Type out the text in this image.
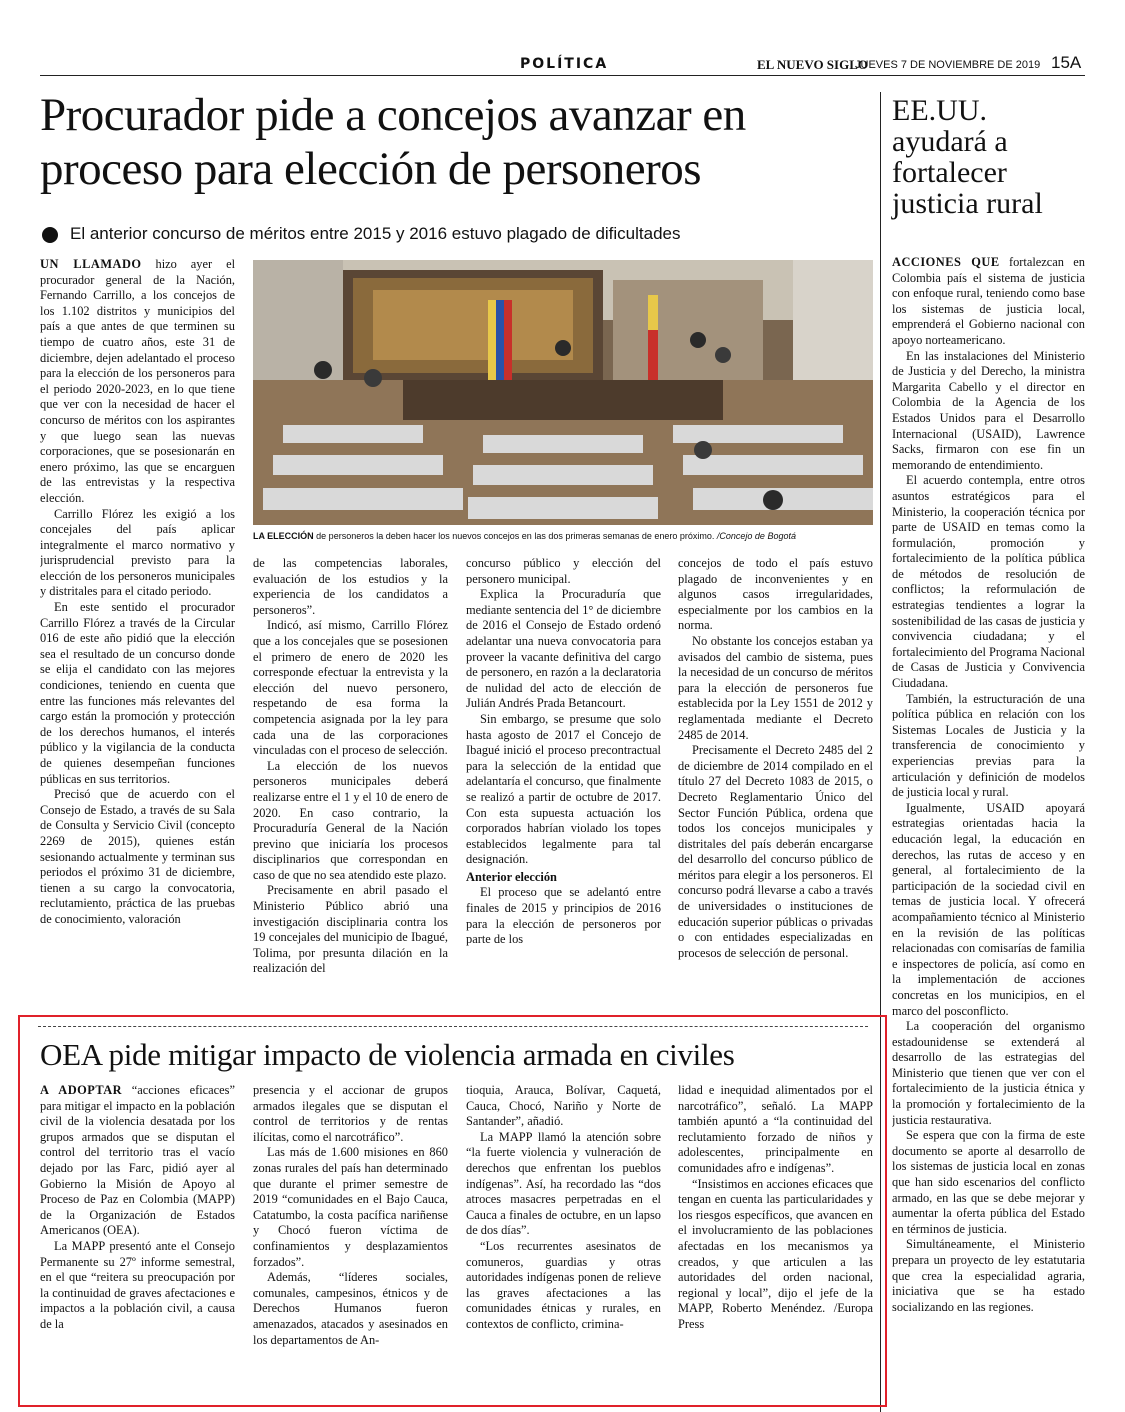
POLÍTICA	EL NUEVO SIGLO
JUEVES 7 DE NOVIEMBRE DE 2019 15A
Procurador pide a concejos avanzar en proceso para elección de personeros
El anterior concurso de méritos entre 2015 y 2016 estuvo plagado de dificultades

UN LLAMADO hizo ayer el procurador general de la Nación, Fernando Carrillo, a los concejos de los 1.102 distritos y municipios del país a que antes de que terminen su tiempo de cuatro años, este 31 de diciembre, dejen adelantado el proceso para la elección de los personeros para el periodo 2020-2023, en lo que tiene que ver con la necesidad de hacer el concurso de méritos con los aspirantes y que luego sean las nuevas corporaciones, que se posesionarán en enero próximo, las que se encarguen de las entrevistas y la respectiva elección.

Carrillo Flórez les exigió a los concejales del país aplicar integralmente el marco normativo y jurisprudencial previsto para la elección de los personeros municipales y distritales para el citado periodo.

En este sentido el procurador Carrillo Flórez a través de la Circular 016 de este año pidió que la elección sea el resultado de un concurso donde se elija el candidato con las mejores condiciones, teniendo en cuenta que entre las funciones más relevantes del cargo están la promoción y protección de los derechos humanos, el interés público y la vigilancia de la conducta de quienes desempeñan funciones públicas en sus territorios.

Precisó que de acuerdo con el Consejo de Estado, a través de su Sala de Consulta y Servicio Civil (concepto 2269 de 2015), quienes están sesionando actualmente y terminan sus periodos el próximo 31 de diciembre, tienen a su cargo la convocatoria, reclutamiento, práctica de las pruebas de conocimiento, valoración

LA ELECCIÓN de personeros la deben hacer los nuevos concejos en las dos primeras semanas de enero próximo. /Concejo de Bogotá

de las competencias laborales, evaluación de los estudios y la experiencia de los candidatos a personeros”.

Indicó, así mismo, Carrillo Flórez que a los concejales que se posesionen el primero de enero de 2020 les corresponde efectuar la entrevista y la elección del nuevo personero, respetando de esa forma la competencia asignada por la ley para cada una de las corporaciones vinculadas con el proceso de selección.

La elección de los nuevos personeros municipales deberá realizarse entre el 1 y el 10 de enero de 2020. En caso contrario, la Procuraduría General de la Nación previno que iniciaría los procesos disciplinarios que correspondan en caso de que no sea atendido este plazo.

Precisamente en abril pasado el Ministerio Público abrió una investigación disciplinaria contra los 19 concejales del municipio de Ibagué, Tolima, por presunta dilación en la realización del

concurso público y elección del personero municipal.

Explica la Procuraduría que mediante sentencia del 1° de diciembre de 2016 el Consejo de Estado ordenó adelantar una nueva convocatoria para proveer la vacante definitiva del cargo de personero, en razón a la declaratoria de nulidad del acto de elección de Julián Andrés Prada Betancourt.

Sin embargo, se presume que solo hasta agosto de 2017 el Concejo de Ibagué inició el proceso precontractual para la selección de la entidad que adelantaría el concurso, que finalmente se realizó a partir de octubre de 2017. Con esta supuesta actuación los corporados habrían violado los topes establecidos legalmente para tal designación.

Anterior elección

El proceso que se adelantó entre finales de 2015 y principios de 2016 para la elección de personeros por parte de los

concejos de todo el país estuvo plagado de inconvenientes y en algunos casos irregularidades, especialmente por los cambios en la norma.

No obstante los concejos estaban ya avisados del cambio de sistema, pues la necesidad de un concurso de méritos para la elección de personeros fue establecida por la Ley 1551 de 2012 y reglamentada mediante el Decreto 2485 de 2014.

Precisamente el Decreto 2485 del 2 de diciembre de 2014 compilado en el título 27 del Decreto 1083 de 2015, o Decreto Reglamentario Único del Sector Función Pública, ordena que todos los concejos municipales y distritales del país deberán encargarse del desarrollo del concurso público de méritos para elegir a los personeros. El concurso podrá llevarse a cabo a través de universidades o instituciones de educación superior públicas o privadas o con entidades especializadas en procesos de selección de personal.

EE.UU. ayudará a fortalecer justicia rural

ACCIONES QUE fortalezcan en Colombia país el sistema de justicia con enfoque rural, teniendo como base los sistemas de justicia local, emprenderá el Gobierno nacional con apoyo norteamericano.

En las instalaciones del Ministerio de Justicia y del Derecho, la ministra Margarita Cabello y el director en Colombia de la Agencia de los Estados Unidos para el Desarrollo Internacional (USAID), Lawrence Sacks, firmaron con ese fin un memorando de entendimiento.

El acuerdo contempla, entre otros asuntos estratégicos para el Ministerio, la cooperación técnica por parte de USAID en temas como la formulación, promoción y fortalecimiento de la política pública de métodos de resolución de conflictos; la reformulación de estrategias tendientes a lograr la sostenibilidad de las casas de justicia y convivencia ciudadana; y el fortalecimiento del Programa Nacional de Casas de Justicia y Convivencia Ciudadana.

También, la estructuración de una política pública en relación con los Sistemas Locales de Justicia y la transferencia de conocimiento y experiencias previas para la articulación y definición de modelos de justicia local y rural.

Igualmente, USAID apoyará estrategias orientadas hacia la educación legal, la educación en derechos, las rutas de acceso y en general, al fortalecimiento de la participación de la sociedad civil en temas de justicia local. Y ofrecerá acompañamiento técnico al Ministerio en la revisión de las políticas relacionadas con comisarías de familia e inspectores de policía, así como en la implementación de acciones concretas en los municipios, en el marco del posconflicto.

La cooperación del organismo estadounidense se extenderá al desarrollo de las estrategias del Ministerio que tienen que ver con el fortalecimiento de la justicia étnica y la promoción y fortalecimiento de la justicia restaurativa.

Se espera que con la firma de este documento se aporte al desarrollo de los sistemas de justicia local en zonas que han sido escenarios del conflicto armado, en las que se debe mejorar y aumentar la oferta pública del Estado en términos de justicia.

Simultáneamente, el Ministerio prepara un proyecto de ley estatutaria que crea la especialidad agraria, iniciativa que se ha estado socializando en las regiones.

OEA pide mitigar impacto de violencia armada en civiles

A ADOPTAR “acciones eficaces” para mitigar el impacto en la población civil de la violencia desatada por los grupos armados que se disputan el control del territorio tras el vacío dejado por las Farc, pidió ayer al Gobierno la Misión de Apoyo al Proceso de Paz en Colombia (MAPP) de la Organización de Estados Americanos (OEA).

La MAPP presentó ante el Consejo Permanente su 27º informe semestral, en el que “reitera su preocupación por la continuidad de graves afectaciones e impactos a la población civil, a causa de la

presencia y el accionar de grupos armados ilegales que se disputan el control de territorios y de rentas ilícitas, como el narcotráfico”.

Las más de 1.600 misiones en 860 zonas rurales del país han determinado que durante el primer semestre de 2019 “comunidades en el Bajo Cauca, Catatumbo, la costa pacífica nariñense y Chocó fueron víctima de confinamientos y desplazamientos forzados”.

Además, “líderes sociales, comunales, campesinos, étnicos y de Derechos Humanos fueron amenazados, atacados y asesinados en los departamentos de An-

tioquia, Arauca, Bolívar, Caquetá, Cauca, Chocó, Nariño y Norte de Santander”, añadió.

La MAPP llamó la atención sobre “la fuerte violencia y vulneración de derechos que enfrentan los pueblos indígenas”. Así, ha recordado las “dos atroces masacres perpetradas en el Cauca a finales de octubre, en un lapso de dos días”.

“Los recurrentes asesinatos de comuneros, guardias y otras autoridades indígenas ponen de relieve las graves afectaciones a las comunidades étnicas y rurales, en contextos de conflicto, crimina-

lidad e inequidad alimentados por el narcotráfico”, señaló. La MAPP también apuntó a “la continuidad del reclutamiento forzado de niños y adolescentes, principalmente en comunidades afro e indígenas”.

“Insistimos en acciones eficaces que tengan en cuenta las particularidades y los riesgos específicos, que avancen en el involucramiento de las poblaciones afectadas en los mecanismos ya creados, y que articulen a las autoridades del orden nacional, regional y local”, dijo el jefe de la MAPP, Roberto Menéndez. /Europa Press
